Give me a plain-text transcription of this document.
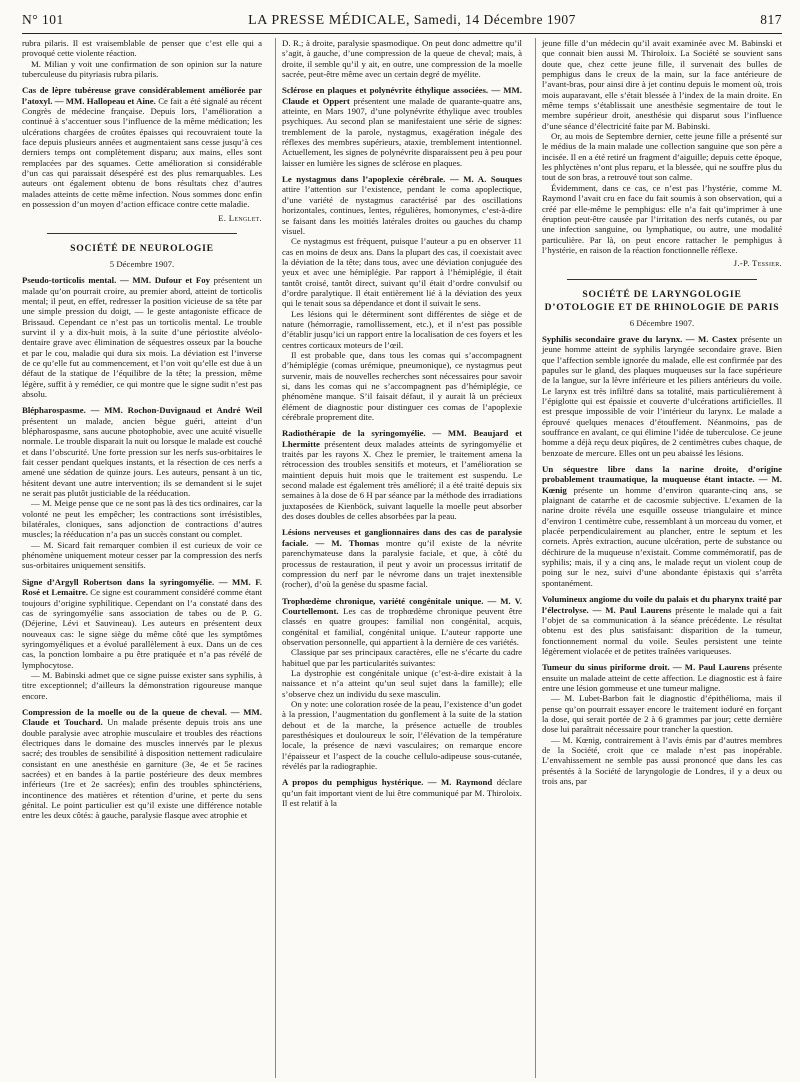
N° 101	LA PRESSE MÉDICALE, Samedi, 14 Décembre 1907	817

rubra pilaris. Il est vraisemblable de penser que c’est elle qui a provoqué cette violente réaction.

M. Milian y voit une confirmation de son opinion sur la nature tuberculeuse du pityriasis rubra pilaris.

Cas de lèpre tubéreuse grave considérablement améliorée par l’atoxyl. — MM. Hallopeau et Aine. Ce fait a été signalé au récent Congrès de médecine française. Depuis lors, l’amélioration a continué à s’accentuer sous l’influence de la même médication; les ulcérations chargées de croûtes épaisses qui recouvraient toute la face depuis plusieurs années et augmentaient sans cesse jusqu’à ces derniers temps ont complètement disparu; aux mains, elles sont remplacées par des squames. Cette amélioration si considérable d’un cas qui paraissait désespéré est des plus remarquables. Les auteurs ont également obtenu de bons résultats chez d’autres malades atteints de cette même infection. Nous sommes donc enfin en possession d’un moyen d’action efficace contre cette maladie.

E. Lenglet.

SOCIÉTÉ DE NEUROLOGIE
5 Décembre 1907.

Pseudo-torticolis mental. — MM. Dufour et Foy présentent un malade qu’on pourrait croire, au premier abord, atteint de torticolis mental; il peut, en effet, redresser la position vicieuse de sa tête par une simple pression du doigt, — le geste antagoniste efficace de Brissaud. Cependant ce n’est pas un torticolis mental. Le trouble survint il y a dix-huit mois, à la suite d’une périostite alvéolo-dentaire grave avec élimination de séquestres osseux par la bouche et par le cou, maladie qui dura six mois. La déviation est l’inverse de ce qu’elle fut au commencement, et l’on voit qu’elle est due à un défaut de la statique de l’équilibre de la tête; la pression, même légère, suffit à y remédier, ce qui montre que le signe sudit n’est pas absolu.

Blépharospasme. — MM. Rochon-Duvignaud et André Weil présentent un malade, ancien bègue guéri, atteint d’un blépharospasme, sans aucune photophobie, avec une acuité visuelle normale. Le trouble disparait la nuit ou lorsque le malade est couché et dans l’obscurité. Une forte pression sur les nerfs sus-orbitaires le fait cesser pendant quelques instants, et la résection de ces nerfs a amené une sédation de quinze jours. Les auteurs, pensant à un tic, hésitent devant une autre intervention; ils se demandent si le sujet ne serait pas plutôt justiciable de la rééducation.

— M. Meige pense que ce ne sont pas là des tics ordinaires, car la volonté ne peut les empêcher; les contractions sont irrésistibles, bilatérales, cloniques, sans adjonction de contractions d’autres muscles; la rééducation n’a pas un succès constant ou complet.

— M. Sicard fait remarquer combien il est curieux de voir ce phénomène uniquement moteur cesser par la compression des nerfs sus-orbitaires uniquement sensitifs.

Signe d’Argyll Robertson dans la syringomyélie. — MM. F. Rosé et Lemaitre. Ce signe est couramment considéré comme étant toujours d’origine syphilitique. Cependant on l’a constaté dans des cas de syringomyélie sans association de tabes ou de P. G. (Déjerine, Lévi et Sauvineau). Les auteurs en présentent deux nouveaux cas: le signe siège du même côté que les symptômes syringomyéliques et a évolué parallèlement à eux. Dans un de ces cas, la ponction lombaire a pu être pratiquée et n’a pas révélé de lymphocytose.

— M. Babinski admet que ce signe puisse exister sans syphilis, à titre exceptionnel; d’ailleurs la démonstration rigoureuse manque encore.

Compression de la moelle ou de la queue de cheval. — MM. Claude et Touchard. Un malade présente depuis trois ans une double paralysie avec atrophie musculaire et troubles des réactions électriques dans le domaine des muscles innervés par le plexus sacré; des troubles de sensibilité à disposition nettement radiculaire consistant en une anesthésie en garniture (3e, 4e et 5e racines sacrées) et en bandes à la partie postérieure des deux membres inférieurs (1re et 2e sacrées); enfin des troubles sphinctériens, incontinence des matières et rétention d’urine, et perte du sens génital. Le point particulier est qu’il existe une différence notable entre les deux côtés: à gauche, paralysie flasque avec atrophie et

D. R.; à droite, paralysie spasmodique. On peut donc admettre qu’il s’agit, à gauche, d’une compression de la queue de cheval; mais, à droite, il semble qu’il y ait, en outre, une compression de la moelle sacrée, peut-être même avec un certain degré de myélite.

Sclérose en plaques et polynévrite éthylique associées. — MM. Claude et Oppert présentent une malade de quarante-quatre ans, atteinte, en Mars 1907, d’une polynévrite éthylique avec troubles psychiques. Au second plan se manifestaient une série de signes: tremblement de la parole, nystagmus, exagération inégale des réflexes des membres supérieurs, ataxie, tremblement intentionnel. Actuellement, les signes de polynévrite disparaissent peu à peu pour laisser en lumière les signes de sclérose en plaques.

Le nystagmus dans l’apoplexie cérébrale. — M. A. Souques attire l’attention sur l’existence, pendant le coma apoplectique, d’une variété de nystagmus caractérisé par des oscillations horizontales, continues, lentes, régulières, homonymes, c’est-à-dire se faisant dans les moitiés latérales droites ou gauches du champ visuel.

Ce nystagmus est fréquent, puisque l’auteur a pu en observer 11 cas en moins de deux ans. Dans la plupart des cas, il coexistait avec la déviation de la tête; dans tous, avec une déviation conjuguée des yeux et avec une hémiplégie. Par rapport à l’hémiplégie, il était tantôt croisé, tantôt direct, suivant qu’il était d’ordre convulsif ou d’ordre paralytique. Il était entièrement lié à la déviation des yeux qui le tenait sous sa dépendance et dont il suivait le sens.

Les lésions qui le déterminent sont différentes de siège et de nature (hémorragie, ramollissement, etc.), et il n’est pas possible d’établir jusqu’ici un rapport entre la localisation de ces foyers et les centres corticaux moteurs de l’œil.

Il est probable que, dans tous les comas qui s’accompagnent d’hémiplégie (comas urémique, pneumonique), ce nystagmus peut survenir, mais de nouvelles recherches sont nécessaires pour savoir si, dans les comas qui ne s’accompagnent pas d’hémiplégie, ce phénomène manque. S’il faisait défaut, il y aurait là un précieux élément de diagnostic pour distinguer ces comas de l’apoplexie cérébrale proprement dite.

Radiothérapie de la syringomyélie. — MM. Beaujard et Lhermitte présentent deux malades atteints de syringomyélie et traités par les rayons X. Chez le premier, le traitement amena la rétrocession des troubles sensitifs et moteurs, et l’amélioration se maintient depuis huit mois que le traitement est suspendu. Le second malade est également très amélioré; il a été traité depuis six semaines à la dose de 6 H par séance par la méthode des irradiations juxtaposées de Kienböck, suivant laquelle la moelle peut absorber des doses doubles de celles absorbées par la peau.

Lésions nerveuses et ganglionnaires dans des cas de paralysie faciale. — M. Thomas montre qu’il existe de la névrite parenchymateuse dans la paralysie faciale, et que, à côté du processus de restauration, il peut y avoir un processus irritatif de compression du nerf par le névrome dans un trajet inextensible (rocher), d’où la genèse du spasme facial.

Trophœdème chronique, variété congénitale unique. — M. V. Courtellemont. Les cas de trophœdème chronique peuvent être classés en quatre groupes: familial non congénital, acquis, congénital et familial, congénital unique. L’auteur rapporte une observation personnelle, qui appartient à la dernière de ces variétés.

Classique par ses principaux caractères, elle ne s’écarte du cadre habituel que par les particularités suivantes:

La dystrophie est congénitale unique (c’est-à-dire existait à la naissance et n’a atteint qu’un seul sujet dans la famille); elle s’observe chez un individu du sexe masculin.

On y note: une coloration rosée de la peau, l’existence d’un godet à la pression, l’augmentation du gonflement à la suite de la station debout et de la marche, la présence actuelle de troubles paresthésiques et douloureux le soir, l’élévation de la température locale, la présence de nævi vasculaires; on remarque encore l’épaisseur et l’aspect de la couche cellulo-adipeuse sous-cutanée, révélés par la radiographie.

A propos du pemphigus hystérique. — M. Raymond déclare qu’un fait important vient de lui être communiqué par M. Thiroloix. Il est relatif à la

jeune fille d’un médecin qu’il avait examinée avec M. Babinski et que connait bien aussi M. Thiroloix. La Société se souvient sans doute que, chez cette jeune fille, il survenait des bulles de pemphigus dans le creux de la main, sur la face antérieure de l’avant-bras, pour ainsi dire à jet continu depuis le moment où, trois mois auparavant, elle s’était blessée à l’index de la main droite. En même temps s’établissait une anesthésie segmentaire de tout le membre supérieur droit, anesthésie qui disparut sous l’influence d’une séance d’électricité faite par M. Babinski.

Or, au mois de Septembre dernier, cette jeune fille a présenté sur le médius de la main malade une collection sanguine que son père a incisée. Il en a été retiré un fragment d’aiguille; depuis cette époque, les phlyctènes n’ont plus reparu, et la blessée, qui ne souffre plus du tout de son bras, a retrouvé tout son calme.

Évidemment, dans ce cas, ce n’est pas l’hystérie, comme M. Raymond l’avait cru en face du fait soumis à son observation, qui a créé par elle-même le pemphigus: elle n’a fait qu’imprimer à une éruption peut-être causée par l’irritation des nerfs cutanés, ou par une infection sanguine, ou lymphatique, ou autre, une modalité particulière. Par là, on peut encore rattacher le pemphigus à l’hystérie, en raison de la réaction fonctionnelle réflexe.

J.-P. Tessier.

SOCIÉTÉ DE LARYNGOLOGIE
D’OTOLOGIE ET DE RHINOLOGIE DE PARIS
6 Décembre 1907.

Syphilis secondaire grave du larynx. — M. Castex présente un jeune homme atteint de syphilis laryngée secondaire grave. Bien que l’affection semble ignorée du malade, elle est confirmée par des papules sur le gland, des plaques muqueuses sur la face supérieure de la langue, sur la lèvre inférieure et les piliers antérieurs du voile. Le larynx est très infiltré dans sa totalité, mais particulièrement à l’épiglotte qui est épaissie et couverte d’ulcérations artificielles. Il est presque impossible de voir l’intérieur du larynx. Le malade a éprouvé quelques menaces d’étouffement. Néanmoins, pas de souffrance en avalant, ce qui élimine l’idée de tuberculose. Ce jeune homme a déjà reçu deux piqûres, de 2 centimètres cubes chaque, de benzoate de mercure. Elles ont un peu abaissé les lésions.

Un séquestre libre dans la narine droite, d’origine probablement traumatique, la muqueuse étant intacte. — M. Kœnig présente un homme d’environ quarante-cinq ans, se plaignant de catarrhe et de cacosmie subjective. L’examen de la narine droite révéla une esquille osseuse triangulaire et mince d’environ 1 centimètre cube, ressemblant à un morceau du vomer, et placée perpendiculairement au plancher, entre le septum et les cornets. Après extraction, aucune ulcération, perte de substance ou déchirure de la muqueuse n’existait. Comme commémoratif, pas de syphilis; mais, il y a cinq ans, le malade reçut un violent coup de poing sur le nez, suivi d’une abondante épistaxis qui s’arrêta spontanément.

Volumineux angiome du voile du palais et du pharynx traité par l’électrolyse. — M. Paul Laurens présente le malade qui a fait l’objet de sa communication à la séance précédente. Le résultat obtenu est des plus satisfaisant: disparition de la tumeur, fonctionnement normal du voile. Seules persistent une teinte légèrement violacée et de petites traînées variqueuses.

Tumeur du sinus piriforme droit. — M. Paul Laurens présente ensuite un malade atteint de cette affection. Le diagnostic est à faire entre une lésion gommeuse et une tumeur maligne.

— M. Lubet-Barbon fait le diagnostic d’épithélioma, mais il pense qu’on pourrait essayer encore le traitement ioduré en forçant la dose, qui serait portée de 2 à 6 grammes par jour; cette dernière dose lui paraîtrait nécessaire pour trancher la question.

— M. Kœnig, contrairement à l’avis émis par d’autres membres de la Société, croit que ce malade n’est pas inopérable. L’envahissement ne semble pas aussi prononcé que dans les cas présentés à la Société de laryngologie de Londres, il y a deux ou trois ans, par
